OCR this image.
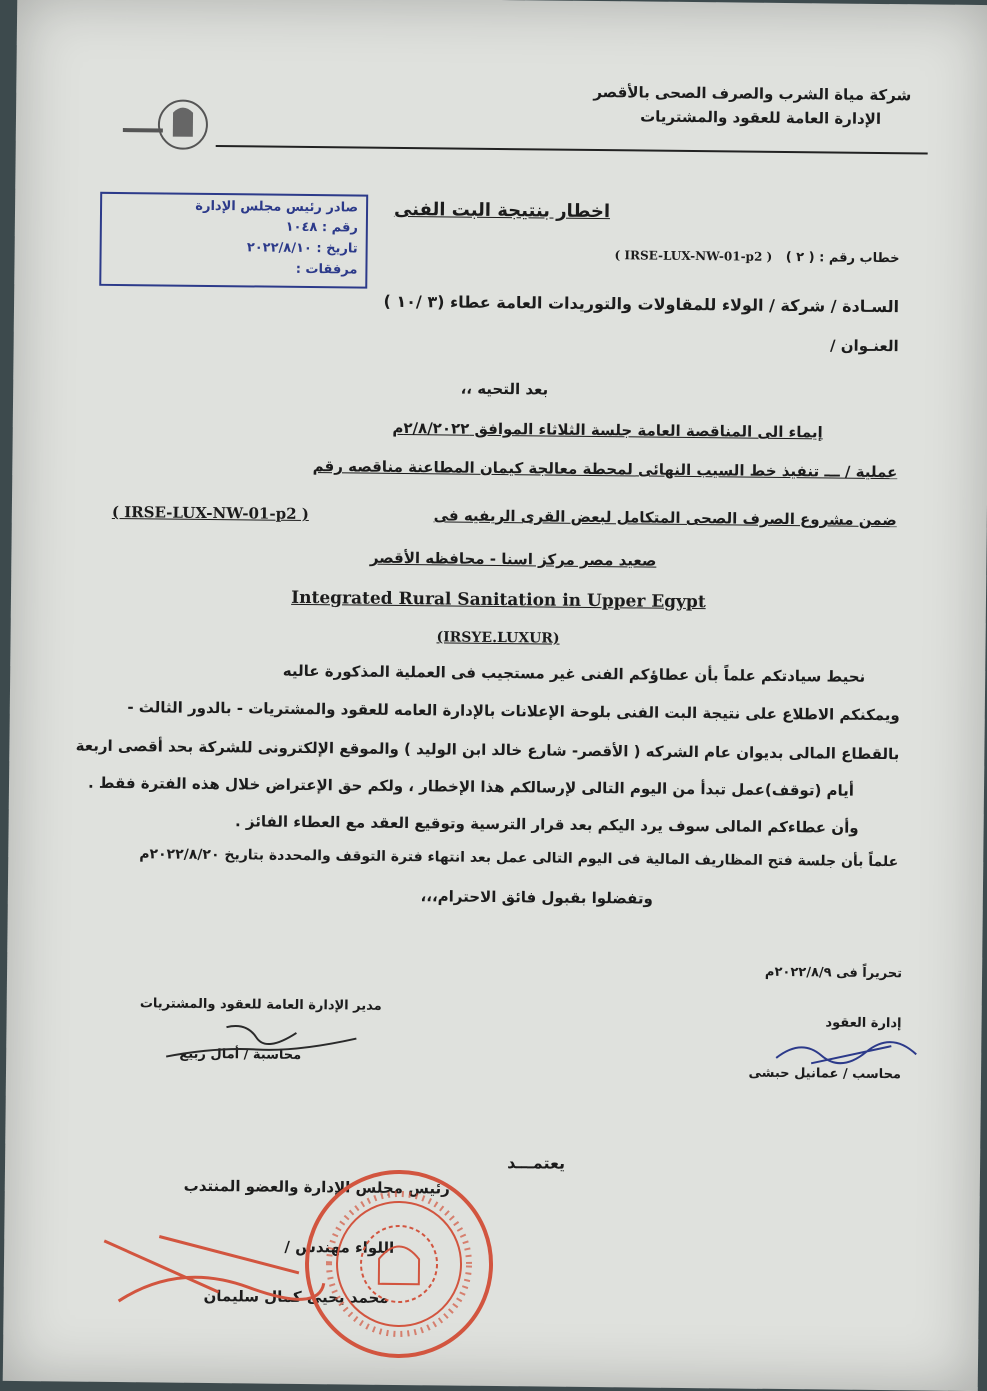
شركة مياة الشرب والصرف الصحى بالأقصر
الإدارة العامة للعقود والمشتريات
صادر رئيس مجلس الإدارة
رقم : ١٠٤٨
تاريخ : ٢٠٢٢/٨/١٠
مرفقات :
اخطار بنتيجة البت الفنى
خطاب رقم : ( ٢ )
( IRSE-LUX-NW-01-p2 )
السـادة / شركة / الولاء للمقاولات والتوريدات العامة عطاء (٣ /١٠ )
العنـوان /
بعد التحيه ،،
إيماء الى المناقصة العامة جلسة الثلاثاء الموافق ٢/٨/٢٠٢٢م
عملية / ـــ تنفيذ خط السيب النهائى لمحطة معالجة كيمان المطاعنة مناقصه رقم
ضمن مشروع الصرف الصحى المتكامل لبعض القرى الريفيه فى
( IRSE-LUX-NW-01-p2 )
صعيد مصر مركز اسنا - محافظه الأقصر
Integrated Rural Sanitation in Upper Egypt
(IRSYE.LUXUR)
نحيط سيادتكم علماً بأن عطاؤكم الفنى غير مستجيب فى العملية المذكورة عاليه
ويمكنكم الاطلاع على نتيجة البت الفنى بلوحة الإعلانات بالإدارة العامه للعقود والمشتريات - بالدور الثالث -
بالقطاع المالى بديوان عام الشركه ( الأقصر- شارع خالد ابن الوليد ) والموقع الإلكترونى للشركة بحد أقصى اربعة
أيام (توقف)عمل تبدأ من اليوم التالى لإرسالكم هذا الإخطار ، ولكم حق الإعتراض خلال هذه الفترة فقط .
وأن عطاءكم المالى سوف يرد اليكم بعد قرار الترسية وتوقيع العقد مع العطاء الفائز .
علماً بأن جلسة فتح المظاريف المالية فى اليوم التالى عمل بعد انتهاء فترة التوقف والمحددة بتاريخ ٢٠٢٢/٨/٢٠م
وتفضلوا بقبول فائق الاحترام،،،
تحريراً فى ٢٠٢٢/٨/٩م
إدارة العقود
محاسب / عمانيل حبشى
مدير الإدارة العامة للعقود والمشتريات
محاسبة / أمال ربيع
يعتمـــد
رئيس مجلس الإدارة والعضو المنتدب
اللواء مهندس /
محمد يحيى كمال سليمان
